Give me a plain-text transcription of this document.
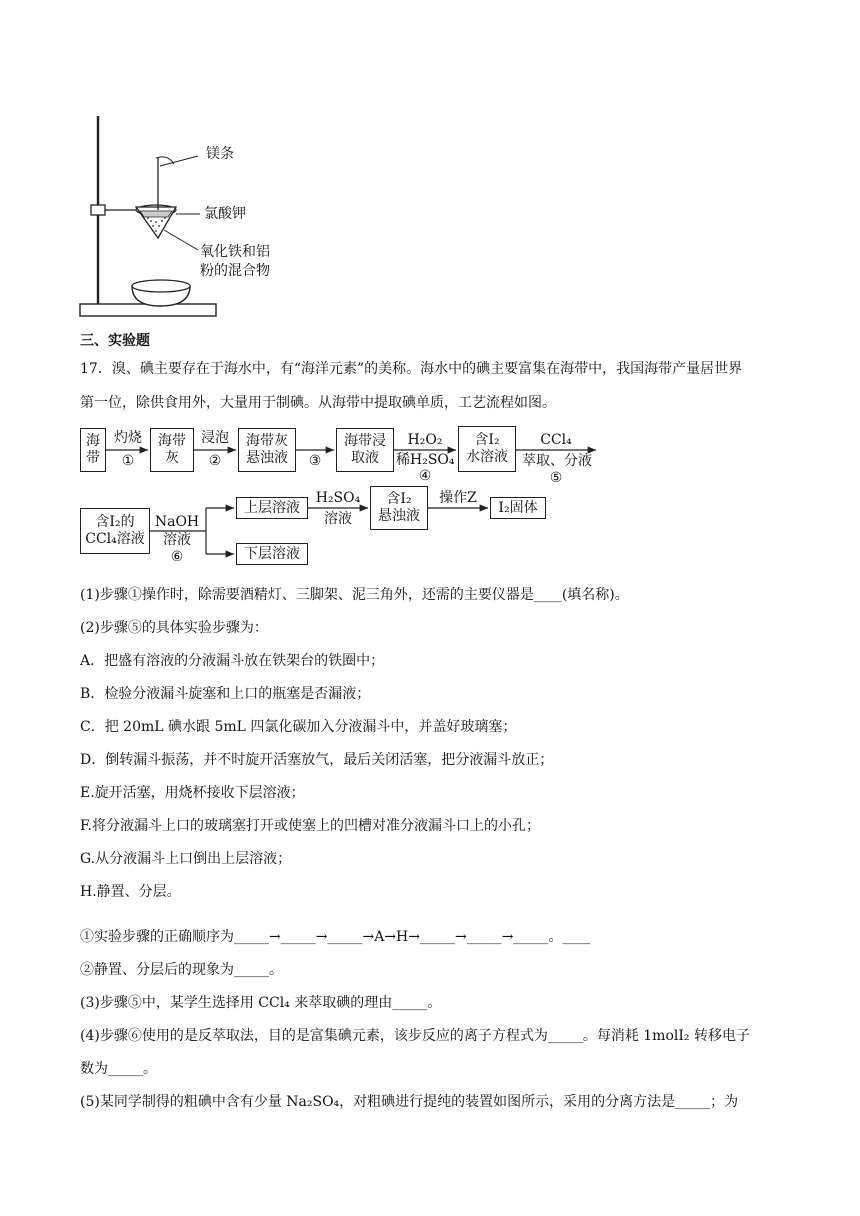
镁条
氯酸钾
氧化铁和铝
粉的混合物
三、实验题
17．溴、碘主要存在于海水中，有“海洋元素”的美称。海水中的碘主要富集在海带中，我国海带产量居世界
第一位，除供食用外，大量用于制碘。从海带中提取碘单质，工艺流程如图。
海
带
海带
灰
海带灰
悬浊液
海带浸
取液
含I₂
水溶液
含I₂的
CCl₄溶液
上层溶液
含I₂
悬浊液
I₂固体
下层溶液
灼烧
①
浸泡
②	③
H₂O₂
稀H₂SO₄
④
CCl₄
萃取、分液
⑤
NaOH
溶液
⑥
H₂SO₄
溶液
操作Z
(1)步骤①操作时，除需要酒精灯、三脚架、泥三角外，还需的主要仪器是____(填名称)。
(2)步骤⑤的具体实验步骤为：
A．把盛有溶液的分液漏斗放在铁架台的铁圈中；
B．检验分液漏斗旋塞和上口的瓶塞是否漏液；
C．把 20mL 碘水跟 5mL 四氯化碳加入分液漏斗中，并盖好玻璃塞；
D．倒转漏斗振荡，并不时旋开活塞放气，最后关闭活塞，把分液漏斗放正；
E.旋开活塞，用烧杯接收下层溶液；
F.将分液漏斗上口的玻璃塞打开或使塞上的凹槽对准分液漏斗口上的小孔；
G.从分液漏斗上口倒出上层溶液；
H.静置、分层。
①实验步骤的正确顺序为_____→_____→_____→A→H→_____→_____→_____。____
②静置、分层后的现象为_____。
(3)步骤⑤中，某学生选择用 CCl₄ 来萃取碘的理由_____。
(4)步骤⑥使用的是反萃取法，目的是富集碘元素，该步反应的离子方程式为_____。每消耗 1molI₂ 转移电子
数为_____。
(5)某同学制得的粗碘中含有少量 Na₂SO₄，对粗碘进行提纯的装置如图所示，采用的分离方法是_____；为
